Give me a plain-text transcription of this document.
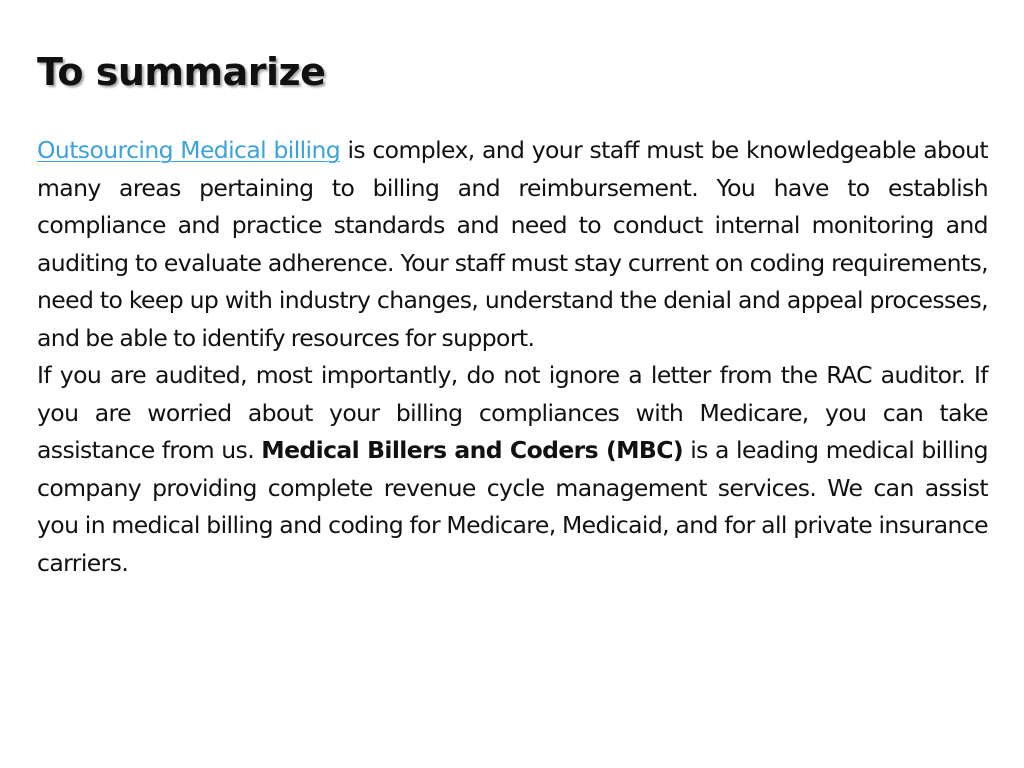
To summarize

Outsourcing Medical billing is complex, and your staff must be knowledgeable about many areas pertaining to billing and reimbursement. You have to establish compliance and practice standards and need to conduct internal monitoring and auditing to evaluate adherence. Your staff must stay current on coding requirements, need to keep up with industry changes, understand the denial and appeal processes, and be able to identify resources for support.

If you are audited, most importantly, do not ignore a letter from the RAC auditor. If you are worried about your billing compliances with Medicare, you can take assistance from us. Medical Billers and Coders (MBC) is a leading medical billing company providing complete revenue cycle management services. We can assist you in medical billing and coding for Medicare, Medicaid, and for all private insurance carriers.
